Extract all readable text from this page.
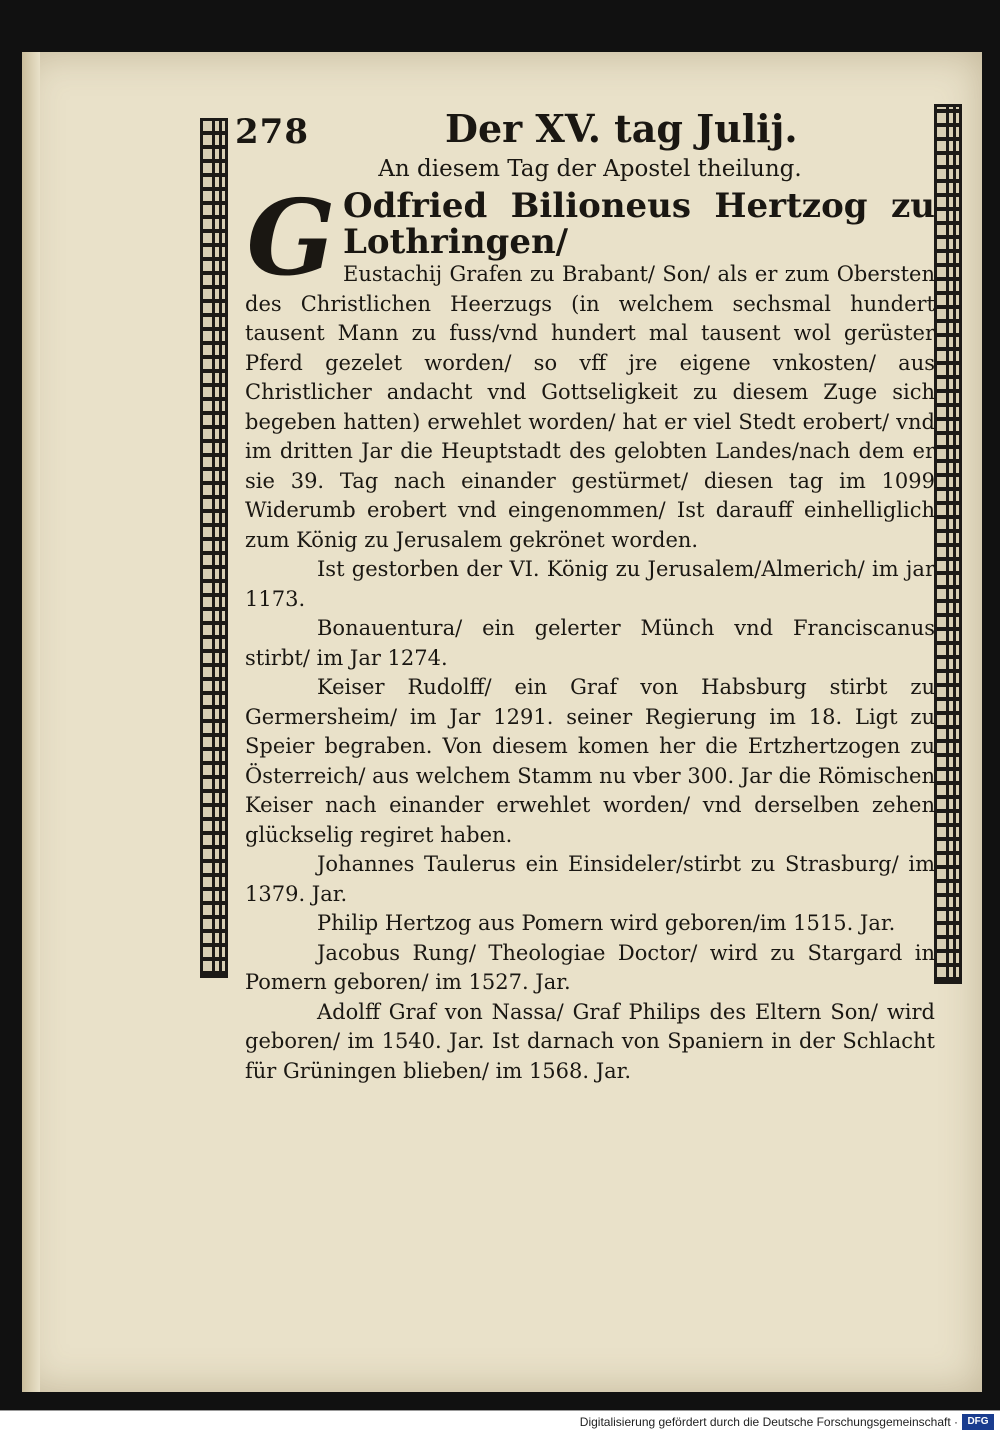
278	Der XV. tag Julij.
An diesem Tag der Apostel theilung.
G Odfried Bilioneus Hertzog zu Lothringen/
Eustachij Grafen zu Brabant/ Son/ als er zum Obersten des Christlichen Heerzugs (in welchem sechsmal hundert tausent Mann zu fuss/vnd hundert mal tausent wol gerüster Pferd gezelet worden/ so vff jre eigene vnkosten/ aus Christlicher andacht vnd Gottseligkeit zu diesem Zuge sich begeben hatten) erwehlet worden/ hat er viel Stedt erobert/ vnd im dritten Jar die Heuptstadt des gelobten Landes/nach dem er sie 39. Tag nach einander gestürmet/ diesen tag im 1099 Widerumb erobert vnd eingenommen/ Ist darauff einhelliglich zum König zu Jerusalem gekrönet worden.

Ist gestorben der VI. König zu Jerusalem/Almerich/ im jar 1173.

Bonauentura/ ein gelerter Münch vnd Franciscanus stirbt/ im Jar 1274.

Keiser Rudolff/ ein Graf von Habsburg stirbt zu Germersheim/ im Jar 1291. seiner Regierung im 18. Ligt zu Speier begraben. Von diesem komen her die Ertzhertzogen zu Österreich/ aus welchem Stamm nu vber 300. Jar die Römischen Keiser nach einander erwehlet worden/ vnd derselben zehen glückselig regiret haben.

Johannes Taulerus ein Einsideler/stirbt zu Strasburg/ im 1379. Jar.

Philip Hertzog aus Pomern wird geboren/im 1515. Jar.

Jacobus Rung/ Theologiae Doctor/ wird zu Stargard in Pomern geboren/ im 1527. Jar.

Adolff Graf von Nassa/ Graf Philips des Eltern Son/ wird geboren/ im 1540. Jar. Ist darnach von Spaniern in der Schlacht für Grüningen blieben/ im 1568. Jar.

Digitalisierung gefördert durch die Deutsche Forschungsgemeinschaft · DFG
